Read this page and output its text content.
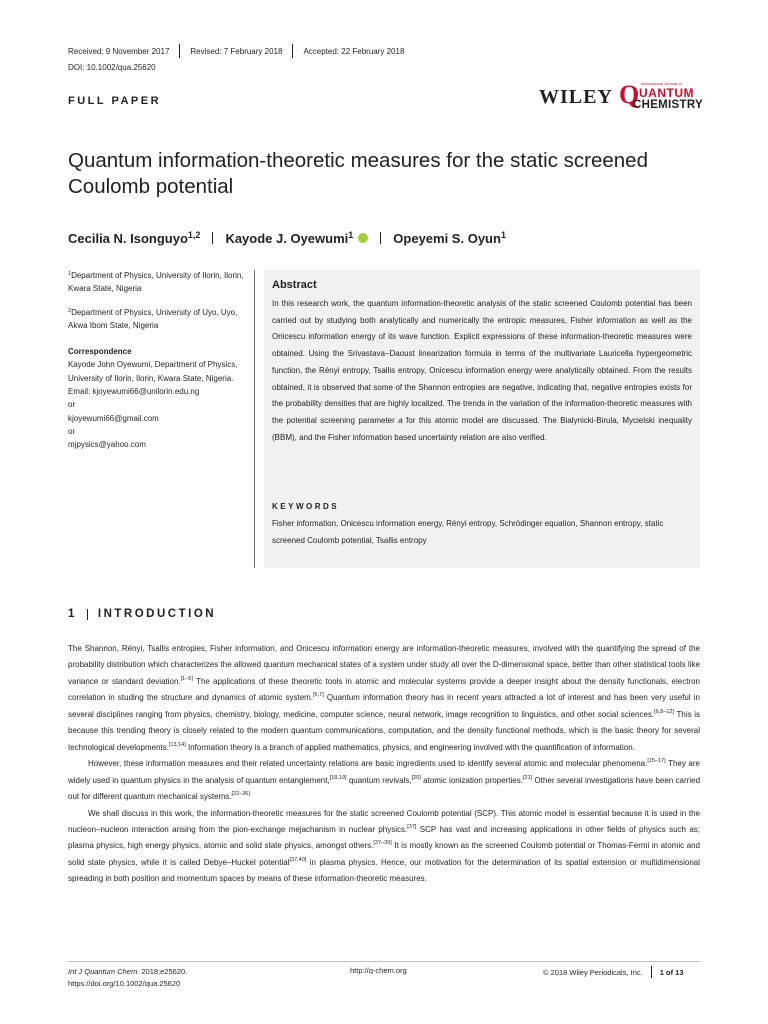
Received: 9 November 2017	Revised: 7 February 2018	Accepted: 22 February 2018
DOI: 10.1002/qua.25620
FULL PAPER	WILEY Q International Journal of
UANTUM
CHEMISTRY
Quantum information-theoretic measures for the static screened Coulomb potential
Cecilia N. Isonguyo$^{1,2}$ Kayode J. Oyewumi$^1$	Opeyemi S. Oyun$^1$

$^1$Department of Physics, University of Ilorin, Ilorin, Kwara State, Nigeria

$^2$Department of Physics, University of Uyo, Uyo, Akwa Ibom State, Nigeria

Correspondence

Kayode John Oyewumi, Department of Physics, University of Ilorin, Ilorin, Kwara State, Nigeria.

Email: kjoyewumi66@unilorin.edu.ng

or

kjoyewumi66@gmail.com

or

mjpysics@yahoo.com

Abstract
In this research work, the quantum information-theoretic analysis of the static screened Coulomb potential has been carried out by studying both analytically and numerically the entropic measures, Fisher information as well as the Onicescu information energy of its wave function. Explicit expressions of these information-theoretic measures were obtained. Using the Srivastava–Daoust linearization formula in terms of the multivariate Lauricella hypergeometric function, the Rényi entropy, Tsallis entropy, Onicescu information energy were analytically obtained. From the results obtained, it is observed that some of the Shannon entropies are negative, indicating that, negative entropies exists for the probability densities that are highly localized. The trends in the variation of the information-theoretic measures with the potential screening parameter a for this atomic model are discussed. The Bialynicki-Birula, Mycielski inequality (BBM), and the Fisher information based uncertainty relation are also verified.
KEYWORDS
Fisher information, Onicescu information energy, Rényi entropy, Schrödinger equation, Shannon entropy, static screened Coulomb potential, Tsallis entropy
1 INTRODUCTION

The Shannon, Rényi, Tsallis entropies, Fisher information, and Onicescu information energy are information-theoretic measures, involved with the quantifying the spread of the probability distribution which characterizes the allowed quantum mechanical states of a system under study all over the D-dimensional space, better than other statistical tools like variance or standard deviation.[1–5] The applications of these theoretic tools in atomic and molecular systems provide a deeper insight about the density functionals, electron correlation in studing the structure and dynamics of atomic system.[6,7] Quantum information theory has in recent years attracted a lot of interest and has been very useful in several disciplines ranging from physics, chemistry, biology, medicine, computer science, neural network, image recognition to linguistics, and other social sciences.[6,8–12] This is because this trending theory is closely related to the modern quantum communications, computation, and the density functional methods, which is the basic theory for several technological developments.[13,14] Information theory is a branch of applied mathematics, physics, and engineering involved with the quantification of information.

However, these information measures and their related uncertainty relations are basic ingredients used to identify several atomic and molecular phenomena.[15–17] They are widely used in quantum physics in the analysis of quantum entanglement,[18,19] quantum revivals,[20] atomic ionization properties.[21] Other several investigations have been carried out for different quantum mechanical systems.[22–36]

We shall discuss in this work, the information-theoretic measures for the static screened Coulomb potential (SCP). This atomic model is essential because it is used in the nucleon–nucleon interaction arising from the pion-exchange mejachanism in nuclear physics.[37] SCP has vast and increasing applications in other fields of physics such as; plasma physics, high energy physics, atomic and solid state physics, amongst others.[37–39] It is mostly known as the screened Coulomb potential or Thomas-Fermi in atomic and solid state physics, while it is called Debye–Huckel potential[37,40] in plasma physics. Hence, our motivation for the determination of its spatial extension or multidimensional spreading in both position and momentum spaces by means of these information-theoretic measures.

Int J Quantum Chem. 2018;e25620.
https://doi.org/10.1002/qua.25620
http://q-chem.org	© 2018 Wiley Periodicals, Inc. 1 of 13
